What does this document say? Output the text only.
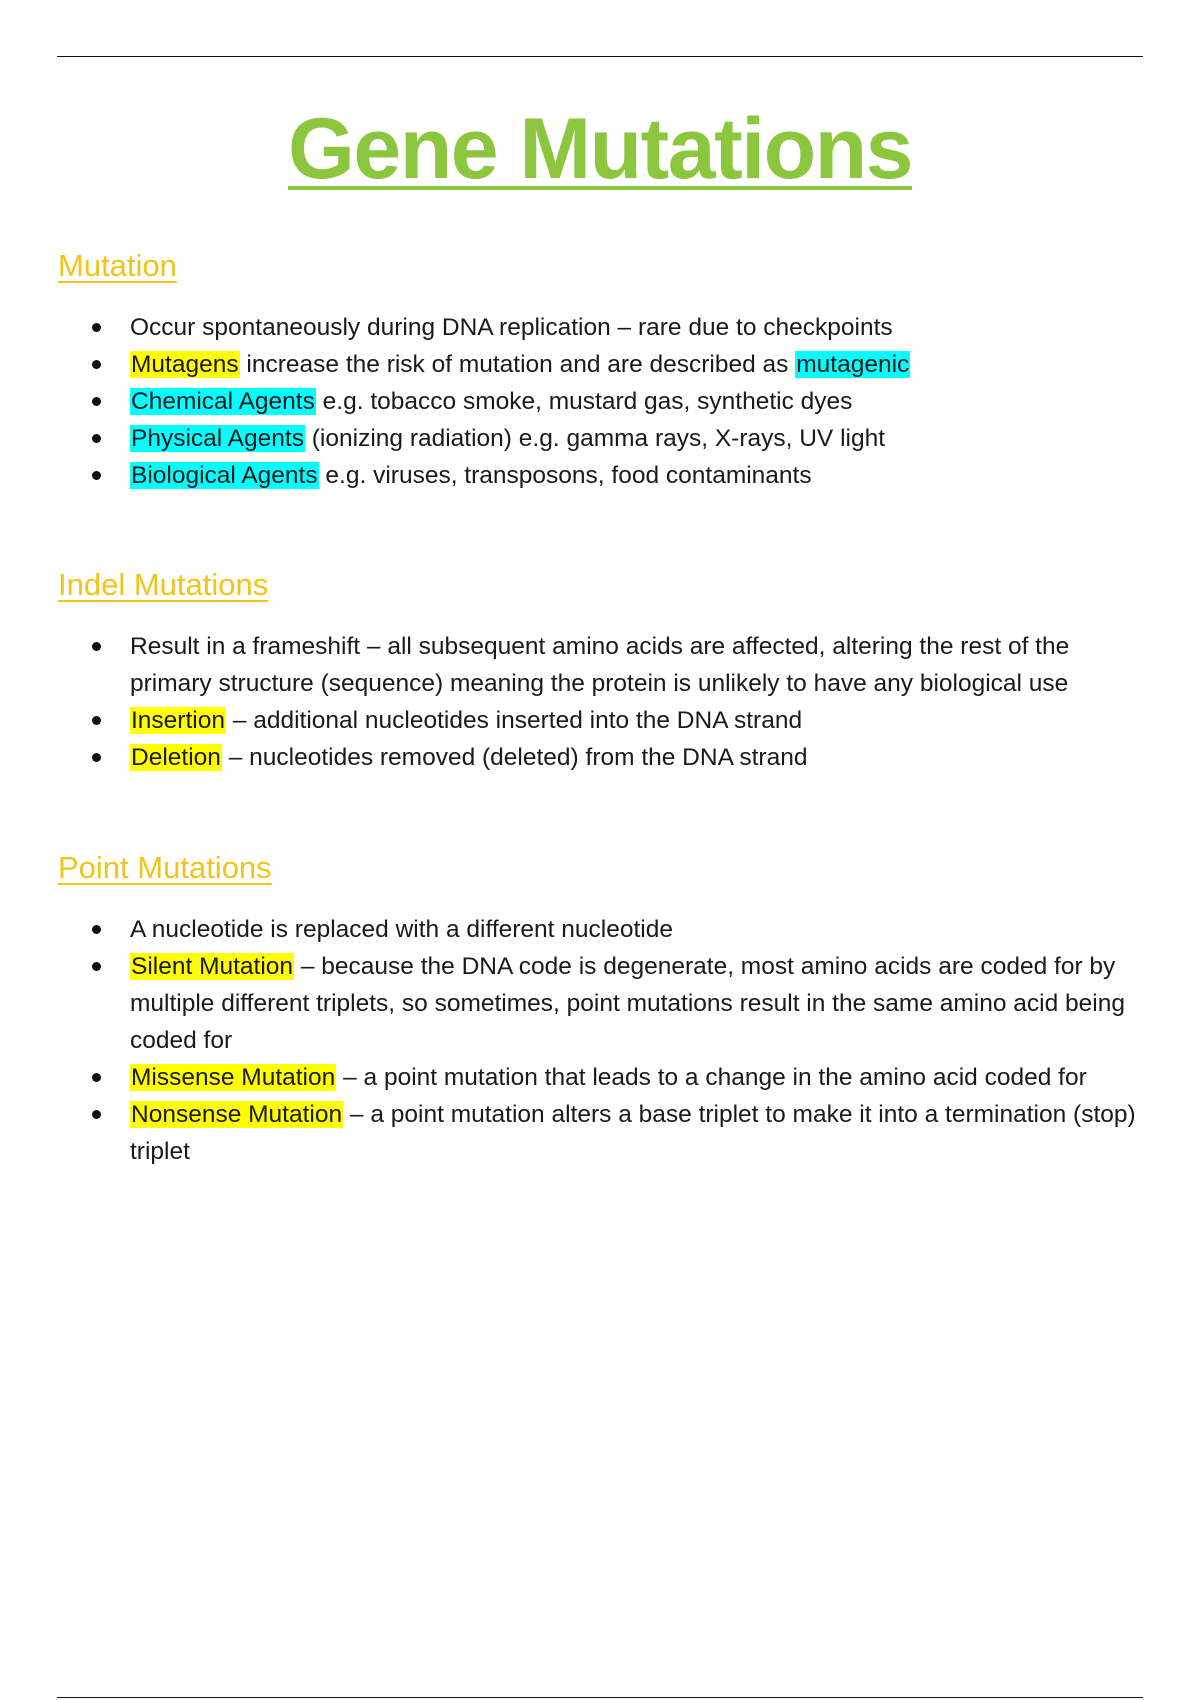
Gene Mutations
Mutation
Occur spontaneously during DNA replication – rare due to checkpoints
Mutagens increase the risk of mutation and are described as mutagenic
Chemical Agents e.g. tobacco smoke, mustard gas, synthetic dyes
Physical Agents (ionizing radiation) e.g. gamma rays, X-rays, UV light
Biological Agents e.g. viruses, transposons, food contaminants
Indel Mutations
Result in a frameshift – all subsequent amino acids are affected, altering the rest of the primary structure (sequence) meaning the protein is unlikely to have any biological use
Insertion – additional nucleotides inserted into the DNA strand
Deletion – nucleotides removed (deleted) from the DNA strand
Point Mutations
A nucleotide is replaced with a different nucleotide
Silent Mutation – because the DNA code is degenerate, most amino acids are coded for by multiple different triplets, so sometimes, point mutations result in the same amino acid being coded for
Missense Mutation – a point mutation that leads to a change in the amino acid coded for
Nonsense Mutation – a point mutation alters a base triplet to make it into a termination (stop) triplet
